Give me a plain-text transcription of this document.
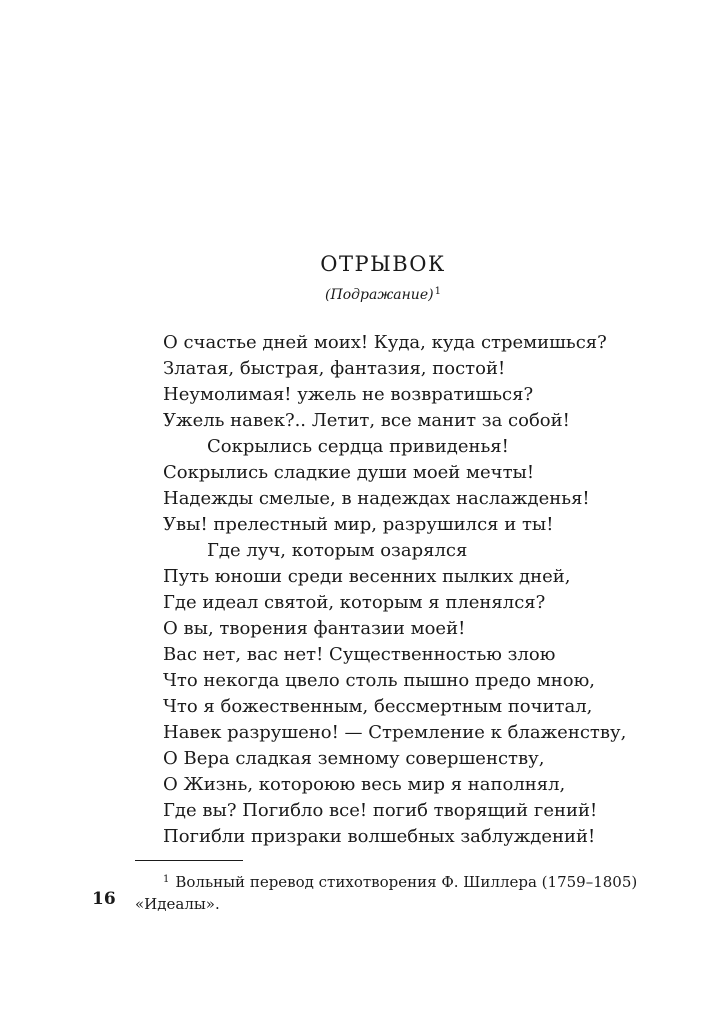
ОТРЫВОК
(Подражание)$^1$
О счастье дней моих! Куда, куда стремишься?
Златая, быстрая, фантазия, постой!
Неумолимая! ужель не возвратишься?
Ужель навек?.. Летит, все манит за собой!
Сокрылись сердца привиденья!
Сокрылись сладкие души моей мечты!
Надежды смелые, в надеждах наслажденья!
Увы! прелестный мир, разрушился и ты!
Где луч, которым озарялся
Путь юноши среди весенних пылких дней,
Где идеал святой, которым я пленялся?
О вы, творения фантазии моей!
Вас нет, вас нет! Существенностью злою
Что некогда цвело столь пышно предо мною,
Что я божественным, бессмертным почитал,
Навек разрушено! — Стремление к блаженству,
О Вера сладкая земному совершенству,
О Жизнь, котороюю весь мир я наполнял,
Где вы? Погибло все! погиб творящий гений!
Погибли призраки волшебных заблуждений!
$^1$ Вольный перевод стихотворения Ф. Шиллера (1759–1805)
«Идеалы».
16
